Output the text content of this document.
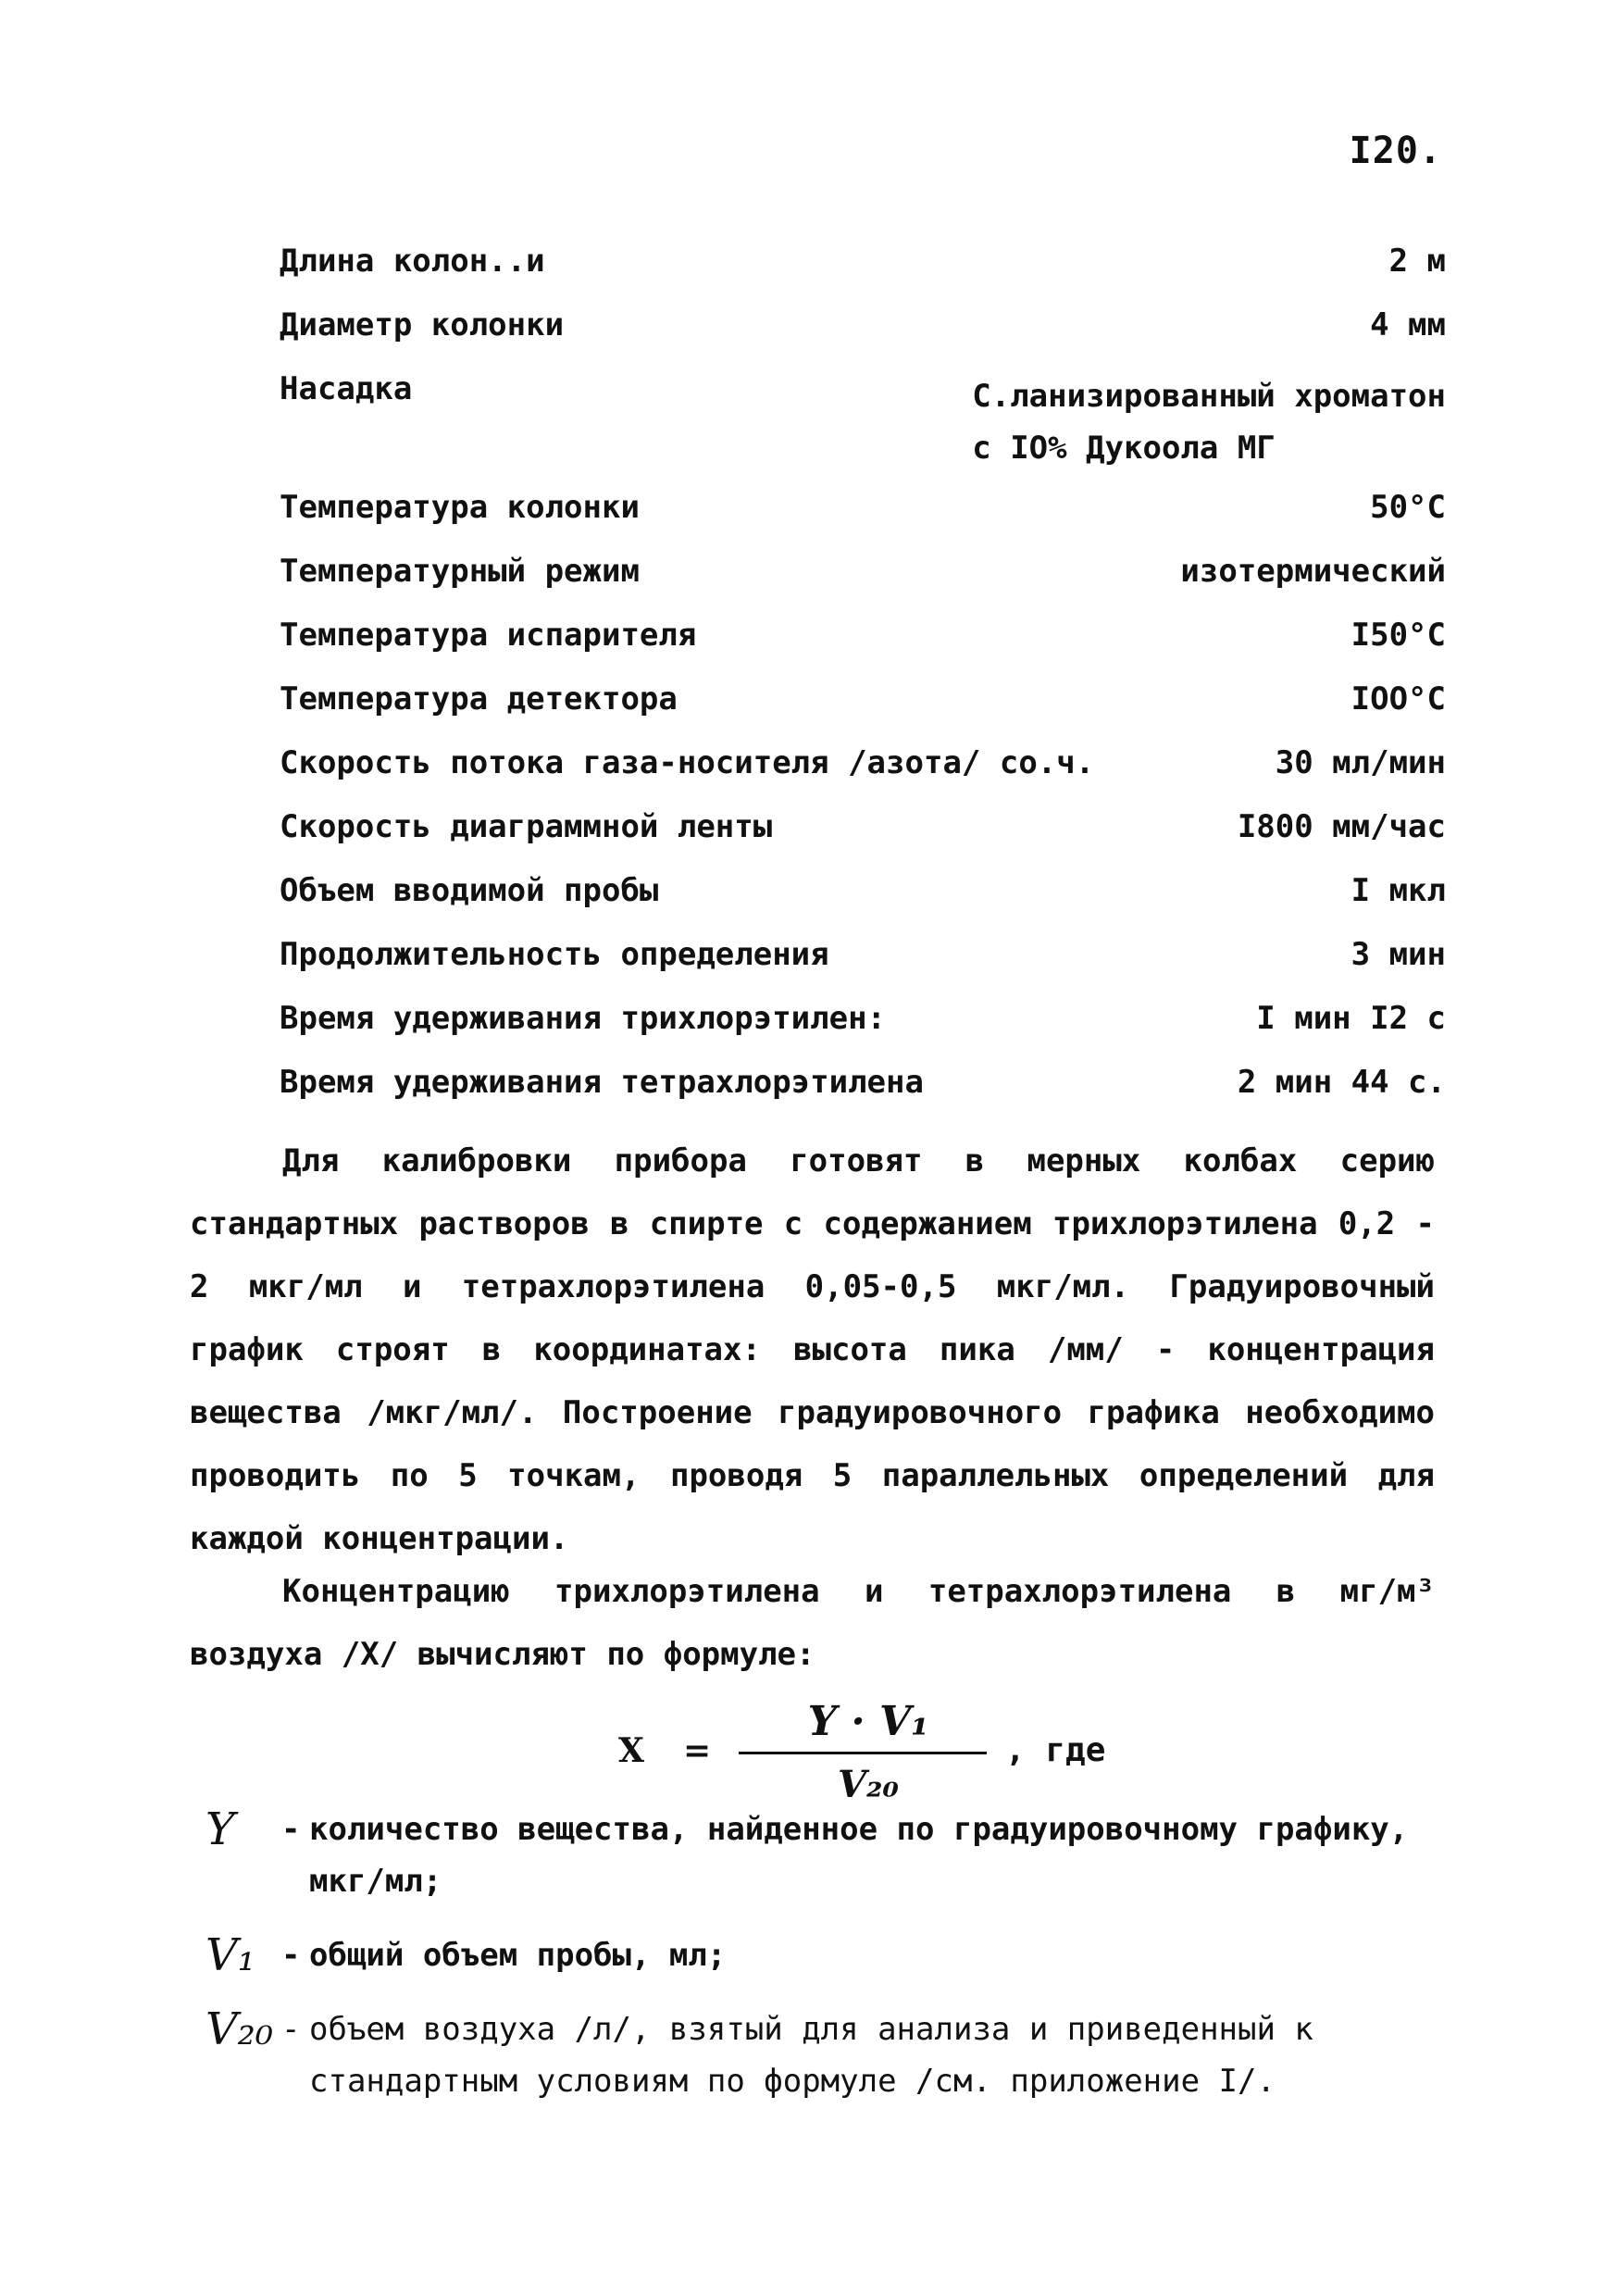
I20.
Длина колон..и	2 м
Диаметр колонки	4 мм
Насадка	С.ланизированный хроматон
с IO% Дукоола МГ
Температура колонки	50°C
Температурный режим	изотермический
Температура испарителя	I50°C
Температура детектора	IOO°C
Скорость потока газа-носителя /азота/ со.ч.	30 мл/мин
Скорость диаграммной ленты	I800 мм/час
Объем вводимой пробы	I мкл
Продолжительность определения	3 мин
Время удерживания трихлорэтилен:	I мин I2 с
Время удерживания тетрахлорэтилена	2 мин 44 с.
Для калибровки прибора готовят в мерных колбах серию стандартных растворов в спирте с содержанием трихлорэтилена 0,2 - 2 мкг/мл и тетрахлорэтилена 0,05-0,5 мкг/мл. Градуировочный график строят в координатах: высота пика /мм/ - концентрация вещества /мкг/мл/. Построение градуировочного графика необходимо проводить по 5 точкам, проводя 5 параллельных определений для каждой концентрации.
Концентрацию трихлорэтилена и тетрахлорэтилена в мг/м³ воздуха /X/ вычисляют по формуле:
X =
Y · V₁
V₂₀
, где
Y	- количество вещества, найденное по градуировочному графику, мкг/мл;
V₁ - общий объем пробы, мл;
V₂₀ - объем воздуха /л/, взятый для анализа и приведенный к стандартным условиям по формуле /см. приложение I/.
